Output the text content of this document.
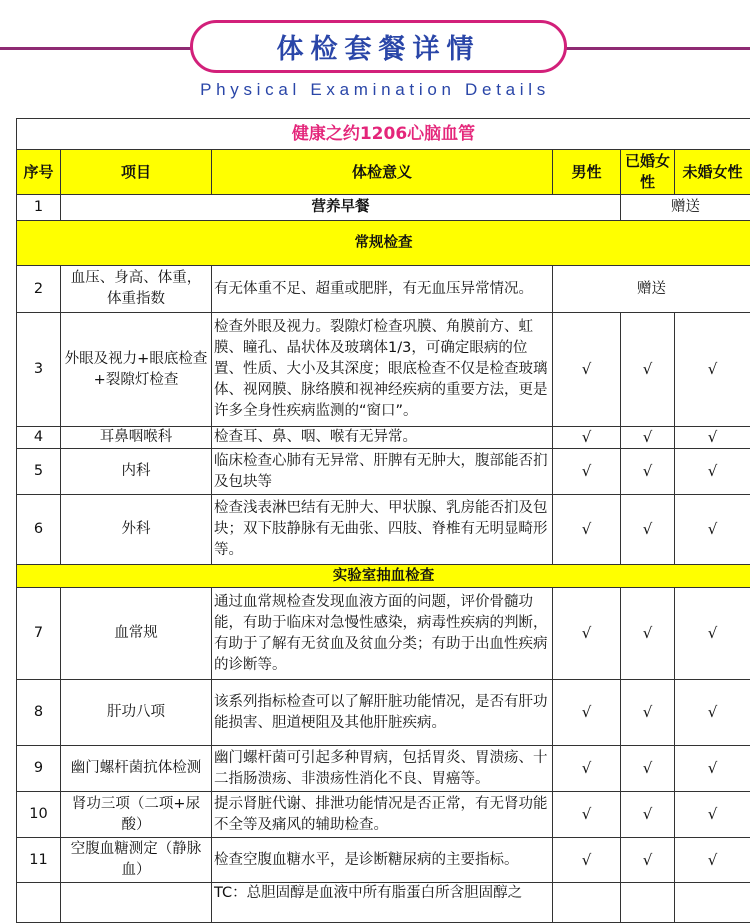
体检套餐详情
Physical Examination Details
健康之约1206心脑血管					
序号	项目	体检意义	男性	已婚女性	未婚女性
1	营养早餐			赠送	
常规检查					
2	血压、身高、体重，体重指数	有无体重不足、超重或肥胖，有无血压异常情况。	赠送		
3	外眼及视力+眼底检查+裂隙灯检查	检查外眼及视力。裂隙灯检查巩膜、角膜前方、虹膜、瞳孔、晶状体及玻璃体1/3，可确定眼病的位置、性质、大小及其深度；眼底检查不仅是检查玻璃体、视网膜、脉络膜和视神经疾病的重要方法，更是许多全身性疾病监测的“窗口”。	√	√	√
4	耳鼻咽喉科	检查耳、鼻、咽、喉有无异常。	√	√	√
5	内科	临床检查心肺有无异常、肝脾有无肿大，腹部能否扪及包块等	√	√	√
6	外科	检查浅表淋巴结有无肿大、甲状腺、乳房能否扪及包块；双下肢静脉有无曲张、四肢、脊椎有无明显畸形等。	√	√	√
实验室抽血检查					
7	血常规	通过血常规检查发现血液方面的问题，评价骨髓功能，有助于临床对急慢性感染，病毒性疾病的判断，有助于了解有无贫血及贫血分类；有助于出血性疾病的诊断等。	√	√	√
8	肝功八项	该系列指标检查可以了解肝脏功能情况，是否有肝功能损害、胆道梗阻及其他肝脏疾病。	√	√	√
9	幽门螺杆菌抗体检测	幽门螺杆菌可引起多种胃病，包括胃炎、胃溃疡、十二指肠溃疡、非溃疡性消化不良、胃癌等。	√	√	√
10	肾功三项（二项+尿酸）	提示肾脏代谢、排泄功能情况是否正常，有无肾功能不全等及痛风的辅助检查。	√	√	√
11	空腹血糖测定（静脉血）	检查空腹血糖水平，是诊断糖尿病的主要指标。	√	√	√
		TC：总胆固醇是血液中所有脂蛋白所含胆固醇之			
